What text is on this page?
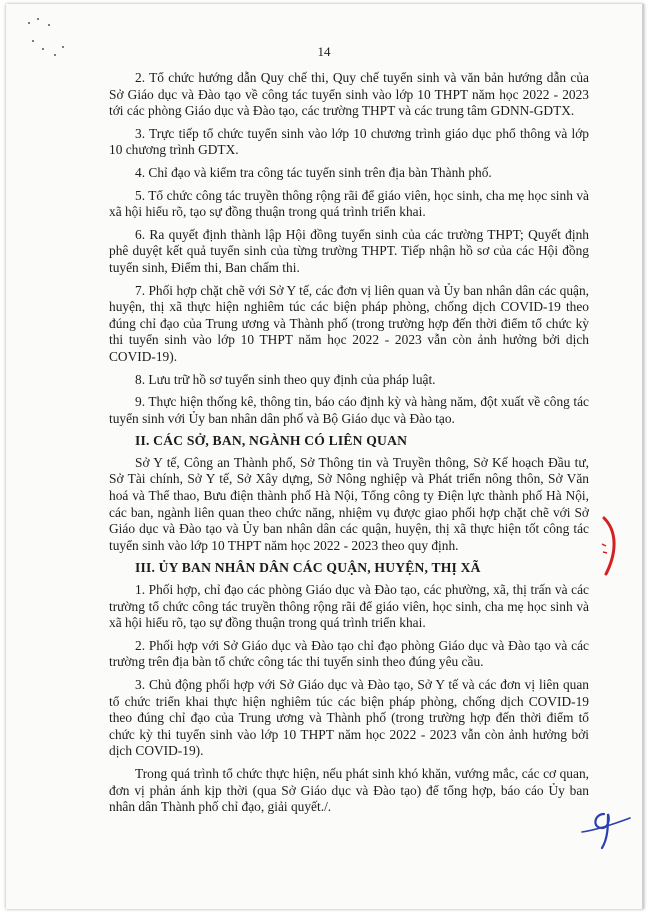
14

2. Tổ chức hướng dẫn Quy chế thi, Quy chế tuyển sinh và văn bản hướng dẫn của Sở Giáo dục và Đào tạo về công tác tuyển sinh vào lớp 10 THPT năm học 2022 - 2023 tới các phòng Giáo dục và Đào tạo, các trường THPT và các trung tâm GDNN-GDTX.

3. Trực tiếp tổ chức tuyển sinh vào lớp 10 chương trình giáo dục phổ thông và lớp 10 chương trình GDTX.

4. Chỉ đạo và kiểm tra công tác tuyển sinh trên địa bàn Thành phố.

5. Tổ chức công tác truyền thông rộng rãi để giáo viên, học sinh, cha mẹ học sinh và xã hội hiểu rõ, tạo sự đồng thuận trong quá trình triển khai.

6. Ra quyết định thành lập Hội đồng tuyển sinh của các trường THPT; Quyết định phê duyệt kết quả tuyển sinh của từng trường THPT. Tiếp nhận hồ sơ của các Hội đồng tuyển sinh, Điểm thi, Ban chấm thi.

7. Phối hợp chặt chẽ với Sở Y tế, các đơn vị liên quan và Ủy ban nhân dân các quận, huyện, thị xã thực hiện nghiêm túc các biện pháp phòng, chống dịch COVID-19 theo đúng chỉ đạo của Trung ương và Thành phố (trong trường hợp đến thời điểm tổ chức kỳ thi tuyển sinh vào lớp 10 THPT năm học 2022 - 2023 vẫn còn ảnh hưởng bởi dịch COVID-19).

8. Lưu trữ hồ sơ tuyển sinh theo quy định của pháp luật.

9. Thực hiện thống kê, thông tin, báo cáo định kỳ và hàng năm, đột xuất về công tác tuyển sinh với Ủy ban nhân dân phố và Bộ Giáo dục và Đào tạo.

II. CÁC SỞ, BAN, NGÀNH CÓ LIÊN QUAN

Sở Y tế, Công an Thành phố, Sở Thông tin và Truyền thông, Sở Kế hoạch Đầu tư, Sở Tài chính, Sở Y tế, Sở Xây dựng, Sở Nông nghiệp và Phát triển nông thôn, Sở Văn hoá và Thể thao, Bưu điện thành phố Hà Nội, Tổng công ty Điện lực thành phố Hà Nội, các ban, ngành liên quan theo chức năng, nhiệm vụ được giao phối hợp chặt chẽ với Sở Giáo dục và Đào tạo và Ủy ban nhân dân các quận, huyện, thị xã thực hiện tốt công tác tuyển sinh vào lớp 10 THPT năm học 2022 - 2023 theo quy định.

III. ỦY BAN NHÂN DÂN CÁC QUẬN, HUYỆN, THỊ XÃ

1. Phối hợp, chỉ đạo các phòng Giáo dục và Đào tạo, các phường, xã, thị trấn và các trường tổ chức công tác truyền thông rộng rãi để giáo viên, học sinh, cha mẹ học sinh và xã hội hiểu rõ, tạo sự đồng thuận trong quá trình triển khai.

2. Phối hợp với Sở Giáo dục và Đào tạo chỉ đạo phòng Giáo dục và Đào tạo và các trường trên địa bàn tổ chức công tác thi tuyển sinh theo đúng yêu cầu.

3. Chủ động phối hợp với Sở Giáo dục và Đào tạo, Sở Y tế và các đơn vị liên quan tổ chức triển khai thực hiện nghiêm túc các biện pháp phòng, chống dịch COVID-19 theo đúng chỉ đạo của Trung ương và Thành phố (trong trường hợp đến thời điểm tổ chức kỳ thi tuyển sinh vào lớp 10 THPT năm học 2022 - 2023 vẫn còn ảnh hưởng bởi dịch COVID-19).

Trong quá trình tổ chức thực hiện, nếu phát sinh khó khăn, vướng mắc, các cơ quan, đơn vị phản ánh kịp thời (qua Sở Giáo dục và Đào tạo) để tổng hợp, báo cáo Ủy ban nhân dân Thành phố chỉ đạo, giải quyết./.
